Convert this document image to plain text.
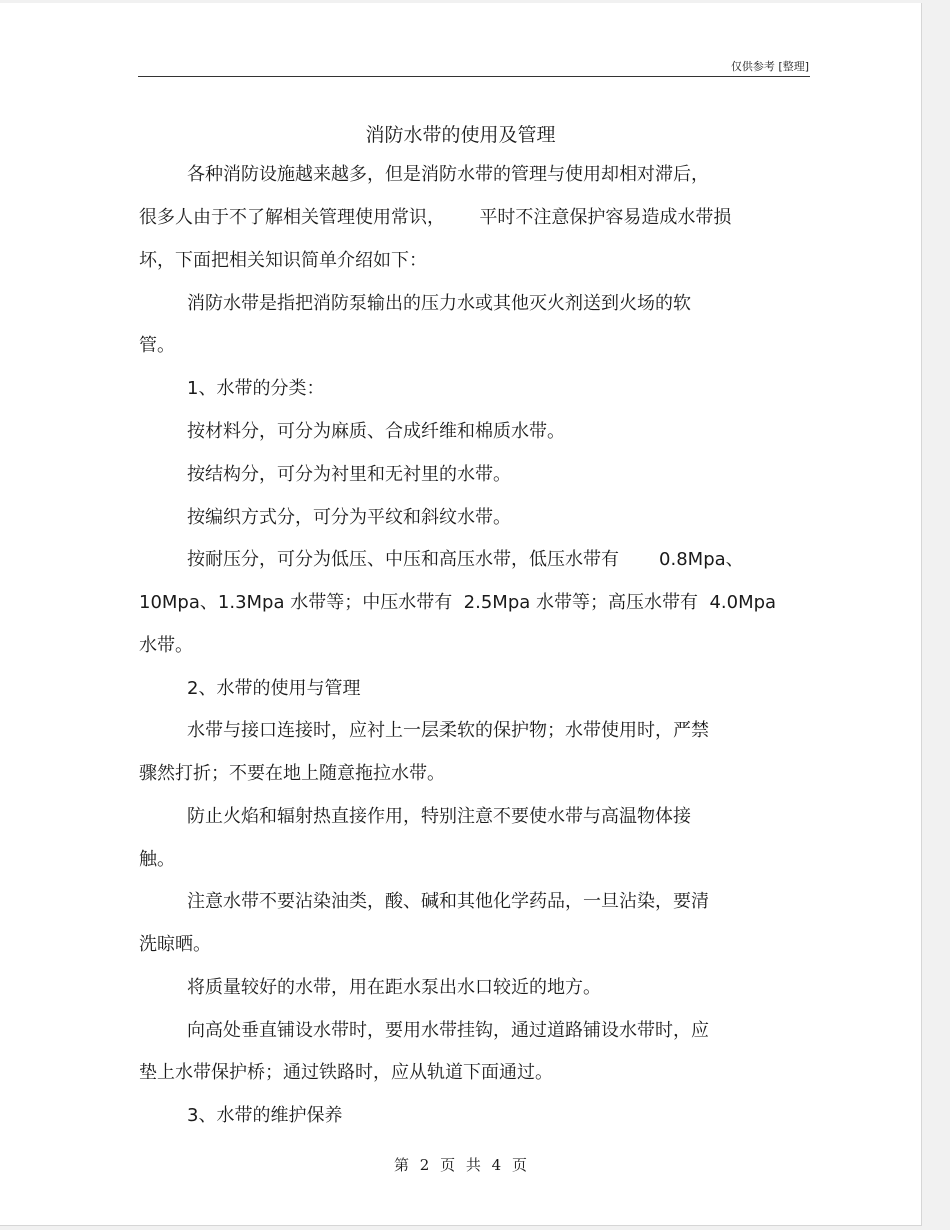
仅供参考 [整理]
消防水带的使用及管理
各种消防设施越来越多，但是消防水带的管理与使用却相对滞后，
很多人由于不了解相关管理使用常识，      平时不注意保护容易造成水带损
坏，下面把相关知识简单介绍如下：
消防水带是指把消防泵输出的压力水或其他灭火剂送到火场的软
管。
1、水带的分类：
按材料分，可分为麻质、合成纤维和棉质水带。
按结构分，可分为衬里和无衬里的水带。
按编织方式分，可分为平纹和斜纹水带。
按耐压分，可分为低压、中压和高压水带，低压水带有       0.8Mpa、
10Mpa、1.3Mpa 水带等；中压水带有  2.5Mpa 水带等；高压水带有  4.0Mpa
水带。
2、水带的使用与管理
水带与接口连接时，应衬上一层柔软的保护物；水带使用时，严禁
骤然打折；不要在地上随意拖拉水带。
防止火焰和辐射热直接作用，特别注意不要使水带与高温物体接
触。
注意水带不要沾染油类，酸、碱和其他化学药品，一旦沾染，要清
洗晾晒。
将质量较好的水带，用在距水泵出水口较近的地方。
向高处垂直铺设水带时，要用水带挂钩，通过道路铺设水带时，应
垫上水带保护桥；通过铁路时，应从轨道下面通过。
3、水带的维护保养
第 2 页 共 4 页
